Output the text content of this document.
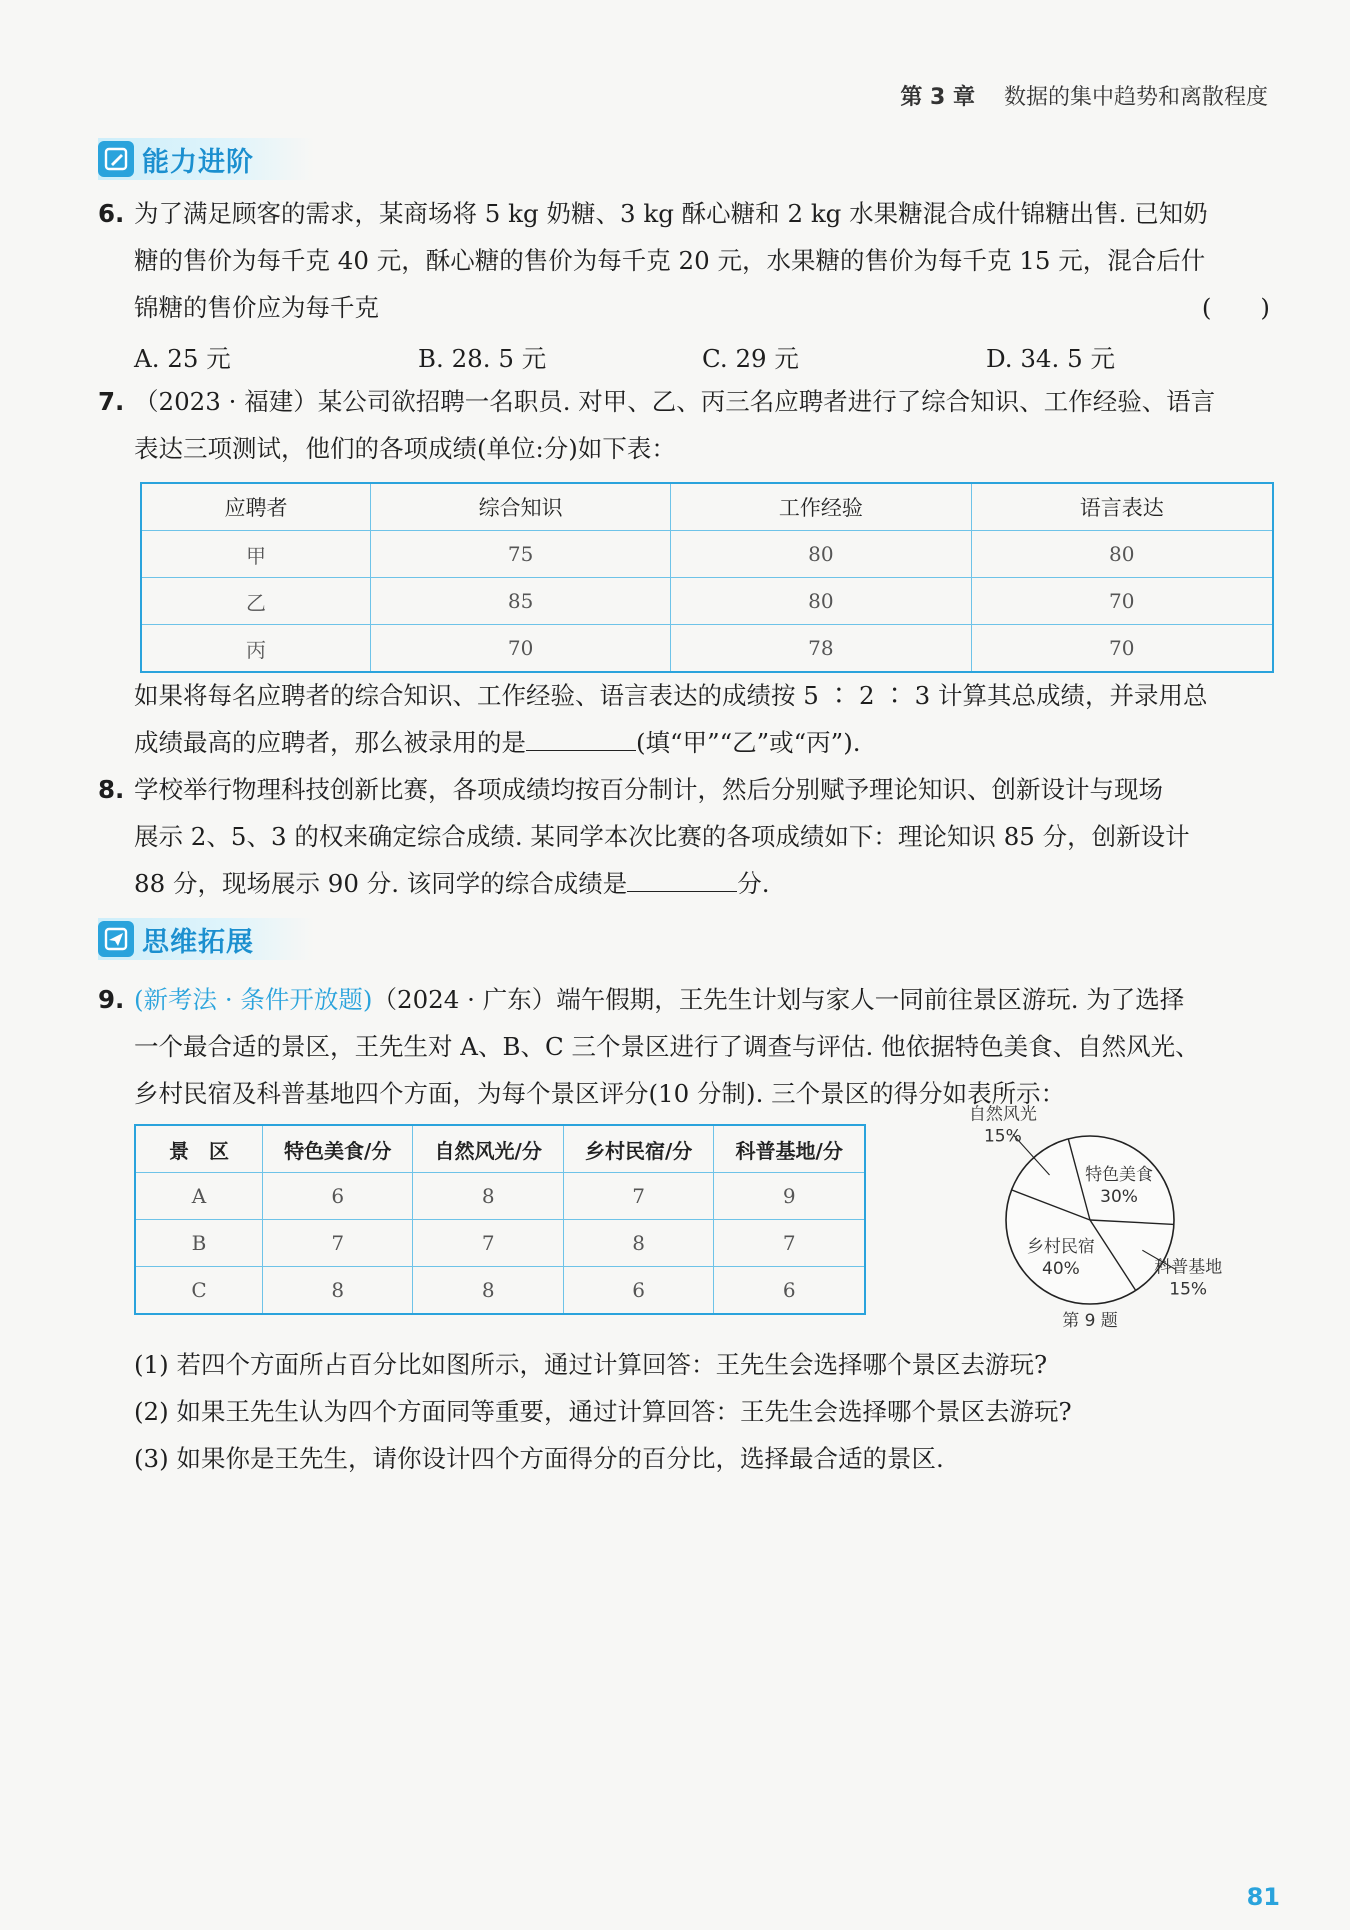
第 3 章 数据的集中趋势和离散程度
能力进阶
6. 为了满足顾客的需求，某商场将 5 kg 奶糖、3 kg 酥心糖和 2 kg 水果糖混合成什锦糖出售. 已知奶
糖的售价为每千克 40 元，酥心糖的售价为每千克 20 元，水果糖的售价为每千克 15 元，混合后什
锦糖的售价应为每千克	(　　)
A. 25 元	B. 28. 5 元	C. 29 元	D. 34. 5 元
7. （2023 · 福建）某公司欲招聘一名职员. 对甲、乙、丙三名应聘者进行了综合知识、工作经验、语言
表达三项测试，他们的各项成绩(单位:分)如下表：
应聘者	综合知识	工作经验	语言表达
甲	75	80	80
乙	85	80	70
丙	70	78	70
如果将每名应聘者的综合知识、工作经验、语言表达的成绩按 5 ∶ 2 ∶ 3 计算其总成绩，并录用总
成绩最高的应聘者，那么被录用的是	(填“甲”“乙”或“丙”).
8. 学校举行物理科技创新比赛，各项成绩均按百分制计，然后分别赋予理论知识、创新设计与现场
展示 2、5、3 的权来确定综合成绩. 某同学本次比赛的各项成绩如下：理论知识 85 分，创新设计
88 分，现场展示 90 分. 该同学的综合成绩是	分.
思维拓展
9. (新考法 · 条件开放题)（2024 · 广东）端午假期，王先生计划与家人一同前往景区游玩. 为了选择
一个最合适的景区，王先生对 A、B、C 三个景区进行了调查与评估. 他依据特色美食、自然风光、
乡村民宿及科普基地四个方面，为每个景区评分(10 分制). 三个景区的得分如表所示：
景　区	特色美食/分	自然风光/分	乡村民宿/分	科普基地/分
A	6	8	7	9
B	7	7	8	7
C	8	8	6	6
特色美食
30%
科普基地
15%
乡村民宿
40%
自然风光
15%
第 9 题
(1) 若四个方面所占百分比如图所示，通过计算回答：王先生会选择哪个景区去游玩?
(2) 如果王先生认为四个方面同等重要，通过计算回答：王先生会选择哪个景区去游玩?
(3) 如果你是王先生，请你设计四个方面得分的百分比，选择最合适的景区.
81
